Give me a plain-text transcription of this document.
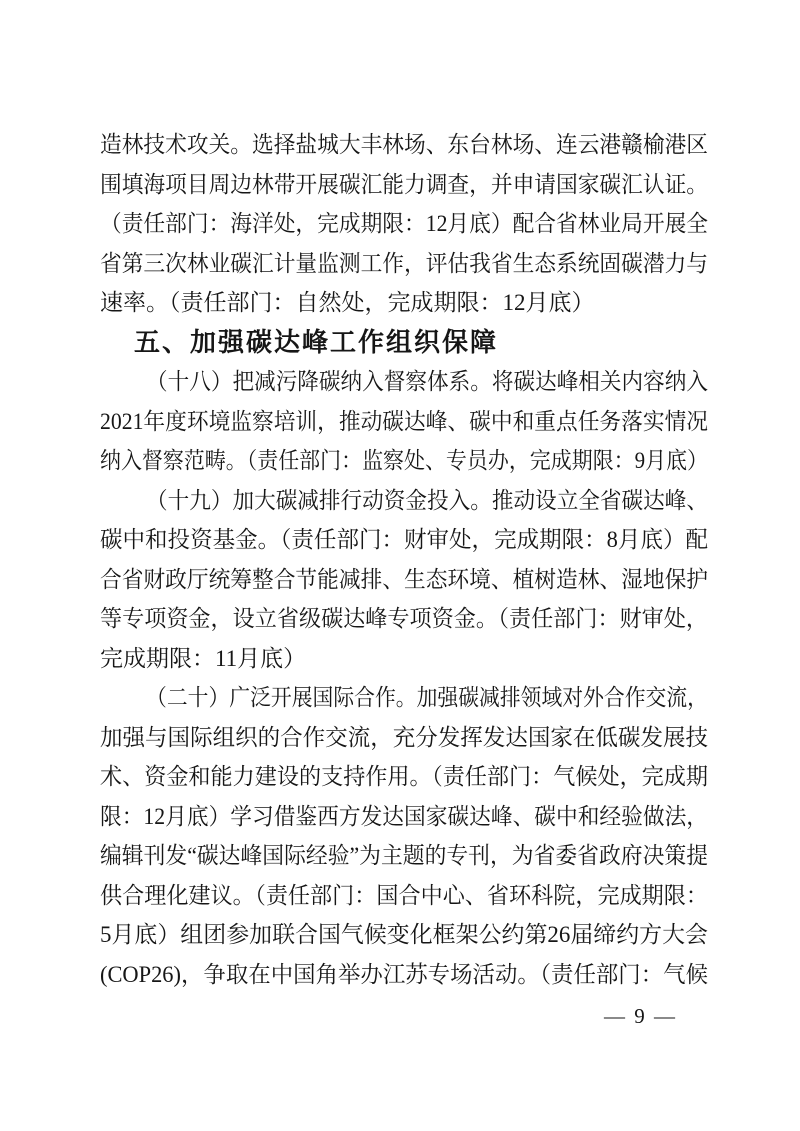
造林技术攻关。选择盐城大丰林场、东台林场、连云港赣榆港区
围填海项目周边林带开展碳汇能力调查，并申请国家碳汇认证。
（责任部门：海洋处，完成期限：12月底）配合省林业局开展全
省第三次林业碳汇计量监测工作，评估我省生态系统固碳潜力与
速率。（责任部门：自然处，完成期限：12月底）
五、加强碳达峰工作组织保障
（十八）把减污降碳纳入督察体系。将碳达峰相关内容纳入
2021年度环境监察培训，推动碳达峰、碳中和重点任务落实情况
纳入督察范畴。（责任部门：监察处、专员办，完成期限：9月底）
（十九）加大碳减排行动资金投入。推动设立全省碳达峰、
碳中和投资基金。（责任部门：财审处，完成期限：8月底）配
合省财政厅统筹整合节能减排、生态环境、植树造林、湿地保护
等专项资金，设立省级碳达峰专项资金。（责任部门：财审处，
完成期限：11月底）
（二十）广泛开展国际合作。加强碳减排领域对外合作交流，
加强与国际组织的合作交流，充分发挥发达国家在低碳发展技
术、资金和能力建设的支持作用。（责任部门：气候处，完成期
限：12月底）学习借鉴西方发达国家碳达峰、碳中和经验做法，
编辑刊发“碳达峰国际经验”为主题的专刊，为省委省政府决策提
供合理化建议。（责任部门：国合中心、省环科院，完成期限：
5月底）组团参加联合国气候变化框架公约第26届缔约方大会
(COP26)，争取在中国角举办江苏专场活动。（责任部门：气候
— 9 —
